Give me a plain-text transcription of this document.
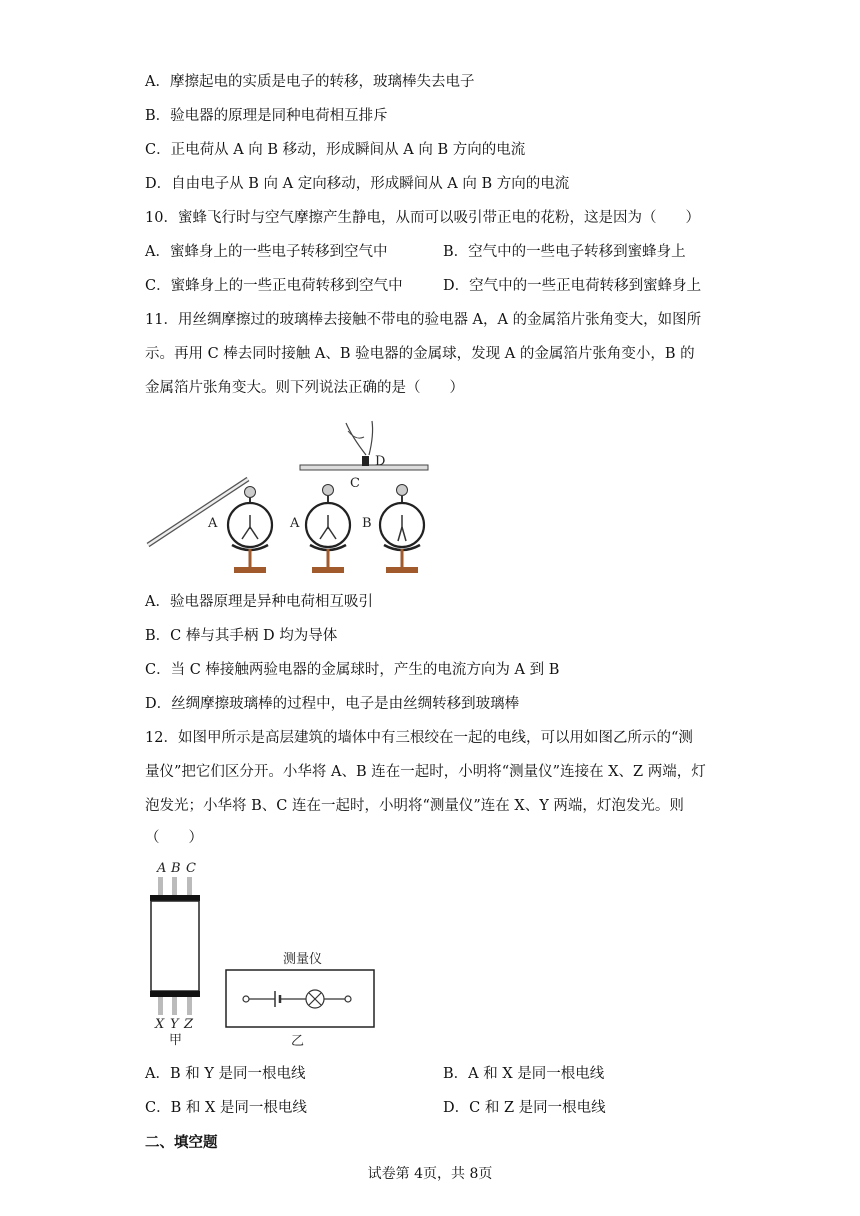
A．摩擦起电的实质是电子的转移，玻璃棒失去电子
B．验电器的原理是同种电荷相互排斥
C．正电荷从 A 向 B 移动，形成瞬间从 A 向 B 方向的电流
D．自由电子从 B 向 A 定向移动，形成瞬间从 A 向 B 方向的电流
10．蜜蜂飞行时与空气摩擦产生静电，从而可以吸引带正电的花粉，这是因为（　　）
A．蜜蜂身上的一些电子转移到空气中	B．空气中的一些电子转移到蜜蜂身上
C．蜜蜂身上的一些正电荷转移到空气中	D．空气中的一些正电荷转移到蜜蜂身上
11．用丝绸摩擦过的玻璃棒去接触不带电的验电器 A，A 的金属箔片张角变大，如图所
示。再用 C 棒去同时接触 A、B 验电器的金属球，发现 A 的金属箔片张角变小，B 的
金属箔片张角变大。则下列说法正确的是（　　）
A
D
C
A	B
A．验电器原理是异种电荷相互吸引
B．C 棒与其手柄 D 均为导体
C．当 C 棒接触两验电器的金属球时，产生的电流方向为 A 到 B
D．丝绸摩擦玻璃棒的过程中，电子是由丝绸转移到玻璃棒
12．如图甲所示是高层建筑的墙体中有三根绞在一起的电线，可以用如图乙所示的“测
量仪”把它们区分开。小华将 A、B 连在一起时，小明将“测量仪”连接在 X、Z 两端，灯
泡发光；小华将 B、C 连在一起时，小明将“测量仪”连在 X、Y 两端，灯泡发光。则
（　　）
A B C
X Y Z
甲
测量仪
乙
A．B 和 Y 是同一根电线	B．A 和 X 是同一根电线
C．B 和 X 是同一根电线	D．C 和 Z 是同一根电线
二、填空题
试卷第 4页，共 8页
